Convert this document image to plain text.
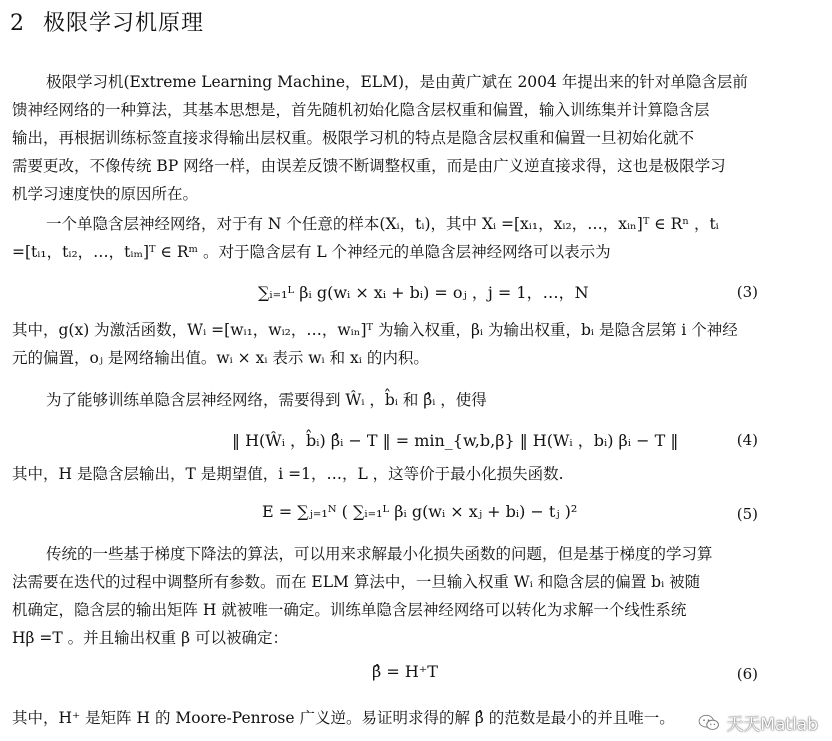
2 极限学习机原理
极限学习机(Extreme Learning Machine，ELM)，是由黄广斌在 2004 年提出来的针对单隐含层前
馈神经网络的一种算法，其基本思想是，首先随机初始化隐含层权重和偏置，输入训练集并计算隐含层
输出，再根据训练标签直接求得输出层权重。极限学习机的特点是隐含层权重和偏置一旦初始化就不
需要更改，不像传统 BP 网络一样，由误差反馈不断调整权重，而是由广义逆直接求得，这也是极限学习
机学习速度快的原因所在。
一个单隐含层神经网络，对于有 N 个任意的样本(Xᵢ，tᵢ)，其中 Xᵢ =[xᵢ₁，xᵢ₂，…，xᵢₙ]ᵀ ∈ Rⁿ ，tᵢ
=[tᵢ₁，tᵢ₂，…，tᵢₘ]ᵀ ∈ Rᵐ 。对于隐含层有 L 个神经元的单隐含层神经网络可以表示为
∑ᵢ₌₁ᴸ βᵢ g(wᵢ × xᵢ + bᵢ) = oⱼ ，j = 1，…，N	(3)
其中，g(x) 为激活函数，Wᵢ =[wᵢ₁，wᵢ₂，…，wᵢₙ]ᵀ 为输入权重，βᵢ 为输出权重，bᵢ 是隐含层第 i 个神经
元的偏置，oⱼ 是网络输出值。wᵢ × xᵢ 表示 wᵢ 和 xᵢ 的内积。
为了能够训练单隐含层神经网络，需要得到 Ŵᵢ ，b̂ᵢ 和 β̂ᵢ ，使得
‖ H(Ŵᵢ ，b̂ᵢ) β̂ᵢ − T ‖ = min_{w,b,β} ‖ H(Wᵢ ，bᵢ) βᵢ − T ‖	(4)
其中，H 是隐含层输出，T 是期望值，i =1，…，L ，这等价于最小化损失函数.
E = ∑ⱼ₌₁ᴺ ( ∑ᵢ₌₁ᴸ βᵢ g(wᵢ × xⱼ + bᵢ) − tⱼ )²	(5)
传统的一些基于梯度下降法的算法，可以用来求解最小化损失函数的问题，但是基于梯度的学习算
法需要在迭代的过程中调整所有参数。而在 ELM 算法中，一旦输入权重 Wᵢ 和隐含层的偏置 bᵢ 被随
机确定，隐含层的输出矩阵 H 就被唯一确定。训练单隐含层神经网络可以转化为求解一个线性系统
Hβ =T 。并且输出权重 β 可以被确定：
β̂ = H⁺T	(6)
其中，H⁺ 是矩阵 H 的 Moore-Penrose 广义逆。易证明求得的解 β̂ 的范数是最小的并且唯一。	天天Matlab
